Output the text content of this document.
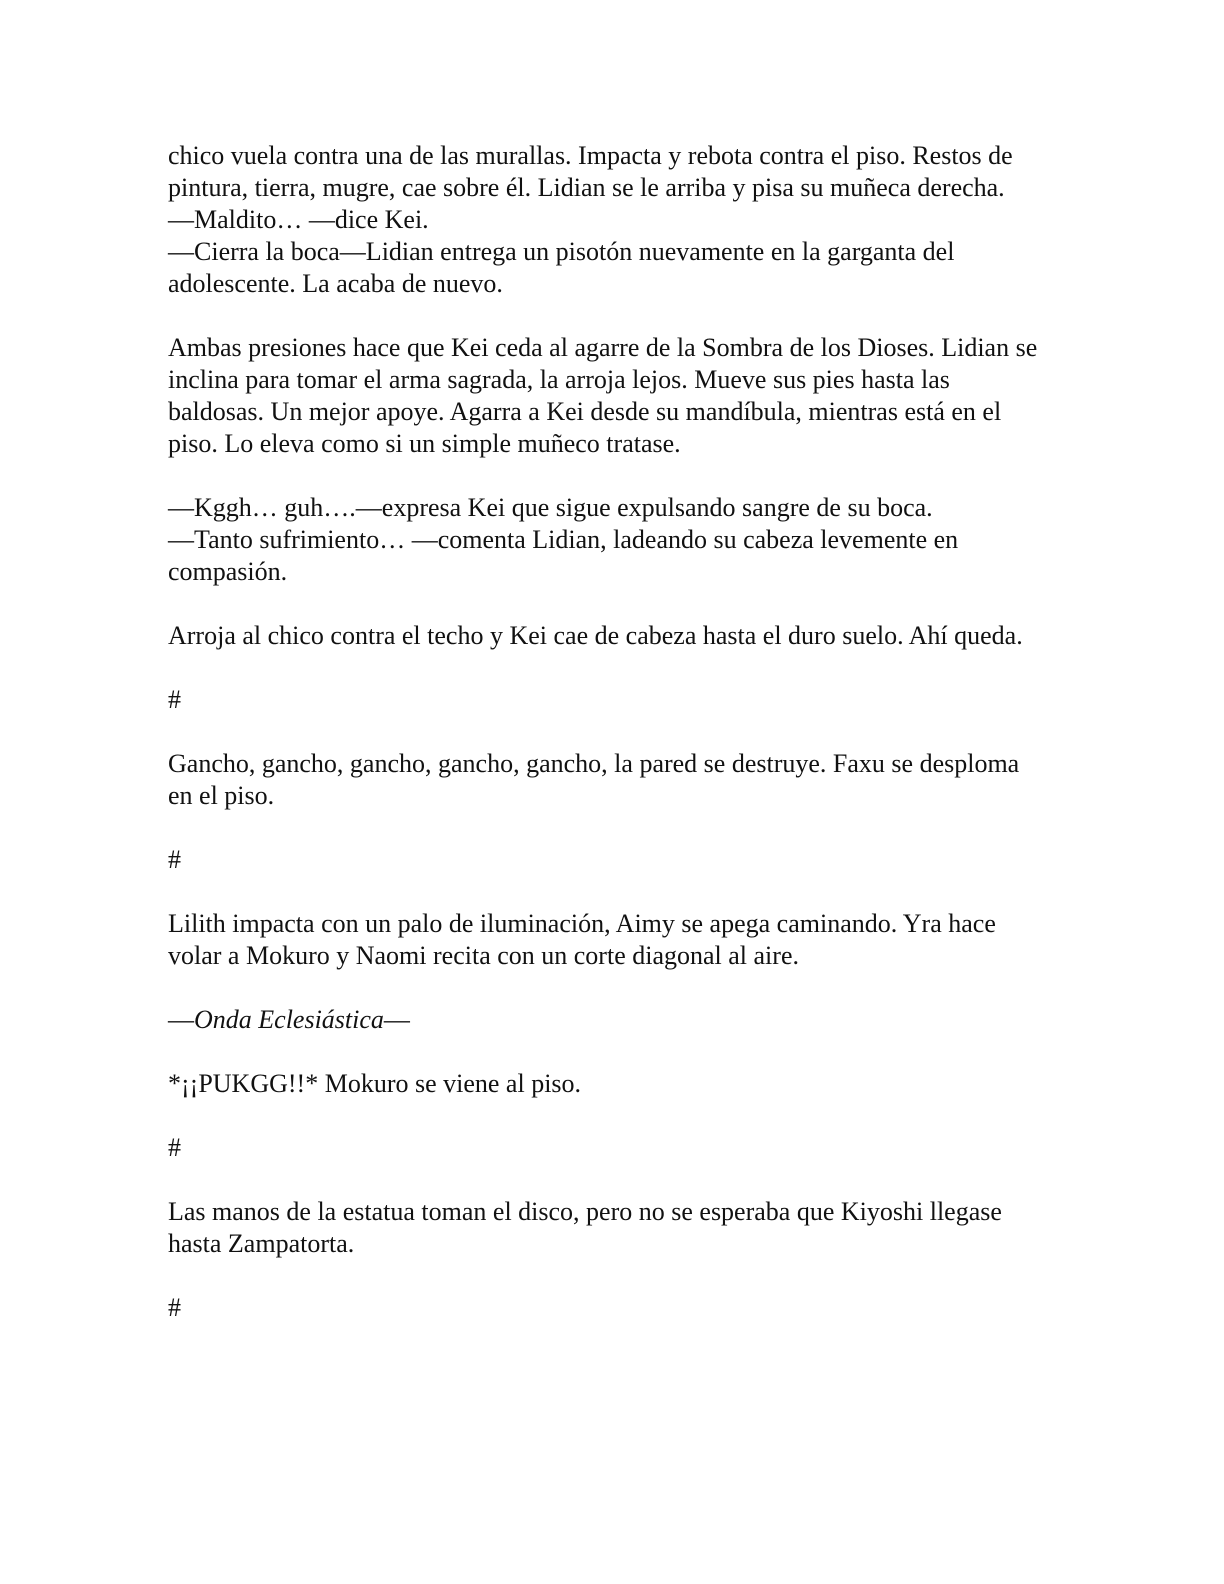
chico vuela contra una de las murallas. Impacta y rebota contra el piso. Restos de pintura, tierra, mugre, cae sobre él. Lidian se le arriba y pisa su muñeca derecha.

—Maldito… —dice Kei.

—Cierra la boca—Lidian entrega un pisotón nuevamente en la garganta del adolescente. La acaba de nuevo.

Ambas presiones hace que Kei ceda al agarre de la Sombra de los Dioses. Lidian se inclina para tomar el arma sagrada, la arroja lejos. Mueve sus pies hasta las baldosas. Un mejor apoye. Agarra a Kei desde su mandíbula, mientras está en el piso. Lo eleva como si un simple muñeco tratase.

—Kggh… guh….—expresa Kei que sigue expulsando sangre de su boca.

—Tanto sufrimiento… —comenta Lidian, ladeando su cabeza levemente en compasión.

Arroja al chico contra el techo y Kei cae de cabeza hasta el duro suelo. Ahí queda.

#

Gancho, gancho, gancho, gancho, gancho, la pared se destruye. Faxu se desploma en el piso.

#

Lilith impacta con un palo de iluminación, Aimy se apega caminando. Yra hace volar a Mokuro y Naomi recita con un corte diagonal al aire.

—Onda Eclesiástica—

*¡¡PUKGG!!* Mokuro se viene al piso.

#

Las manos de la estatua toman el disco, pero no se esperaba que Kiyoshi llegase hasta Zampatorta.

#
